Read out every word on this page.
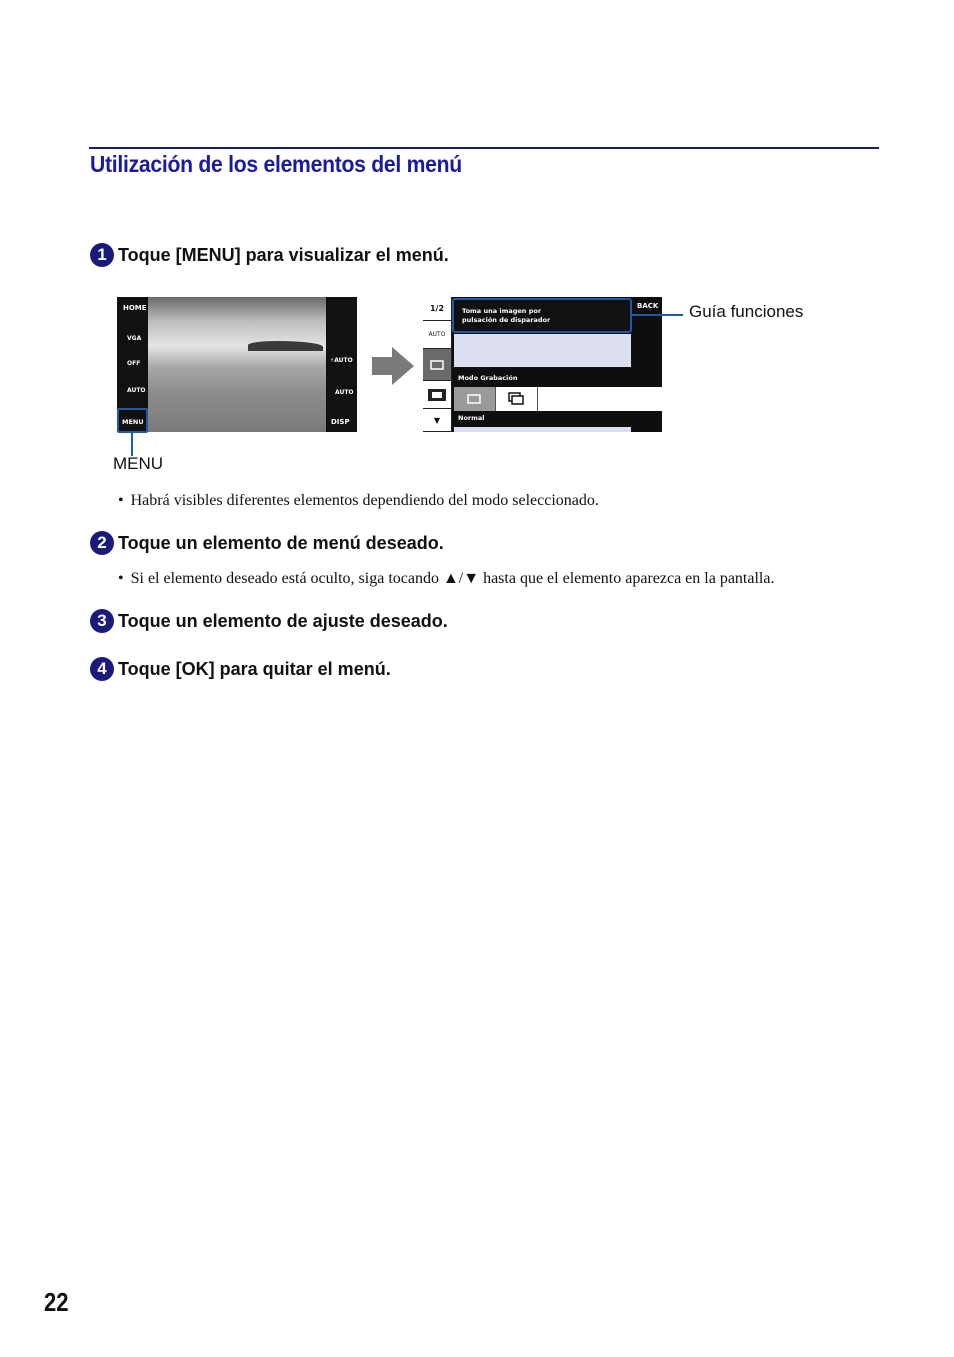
Utilización de los elementos del menú
1 Toque [MENU] para visualizar el menú.
HOME
VGA
OFF
AUTO
MENU
⚡AUTO
AUTO
DISP
MENU
1/2
AUTO
▼
Toma una imagen por
pulsación de disparador
BACK
Modo Grabación
Normal
Guía funciones
• Habrá visibles diferentes elementos dependiendo del modo seleccionado.
2 Toque un elemento de menú deseado.
• Si el elemento deseado está oculto, siga tocando ▲/▼ hasta que el elemento aparezca en la pantalla.
3 Toque un elemento de ajuste deseado.
4 Toque [OK] para quitar el menú.
22
